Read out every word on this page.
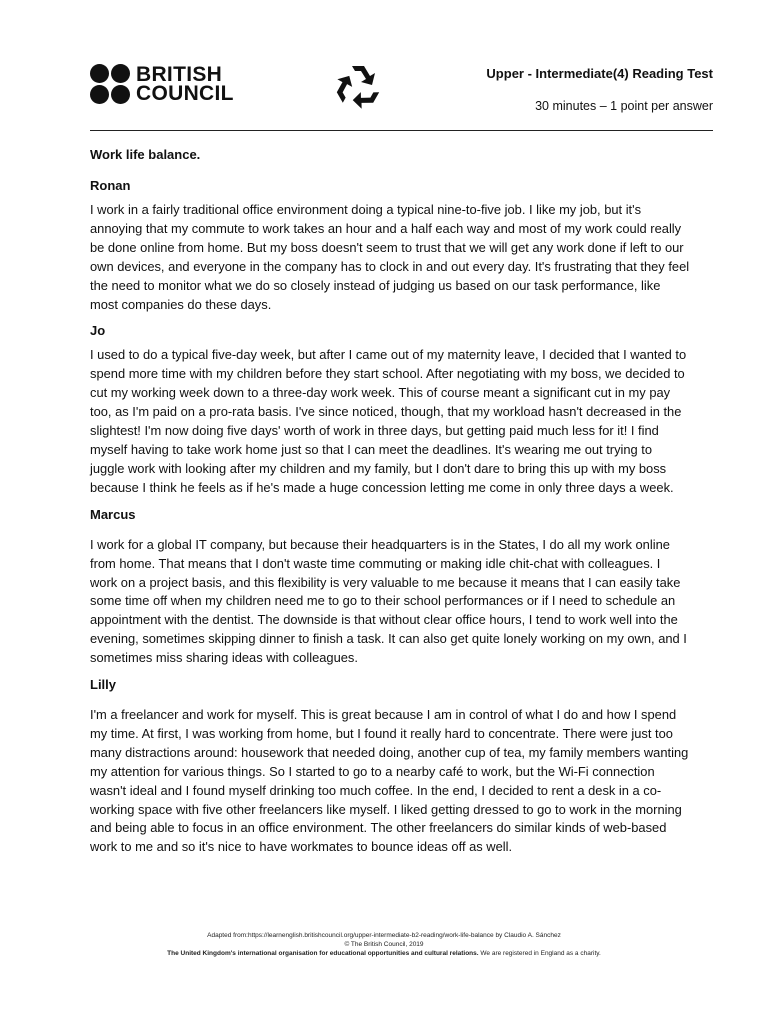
BRITISH
COUNCIL
Upper - Intermediate(4) Reading Test
30 minutes – 1 point per answer
Work life balance.
Ronan

I work in a fairly traditional office environment doing a typical nine-to-five job. I like my job, but it's annoying that my commute to work takes an hour and a half each way and most of my work could really be done online from home. But my boss doesn't seem to trust that we will get any work done if left to our own devices, and everyone in the company has to clock in and out every day. It's frustrating that they feel the need to monitor what we do so closely instead of judging us based on our task performance, like most companies do these days.

Jo

I used to do a typical five-day week, but after I came out of my maternity leave, I decided that I wanted to spend more time with my children before they start school. After negotiating with my boss, we decided to cut my working week down to a three-day work week. This of course meant a significant cut in my pay too, as I'm paid on a pro-rata basis. I've since noticed, though, that my workload hasn't decreased in the slightest! I'm now doing five days' worth of work in three days, but getting paid much less for it! I find myself having to take work home just so that I can meet the deadlines. It's wearing me out trying to juggle work with looking after my children and my family, but I don't dare to bring this up with my boss because I think he feels as if he's made a huge concession letting me come in only three days a week.

Marcus

I work for a global IT company, but because their headquarters is in the States, I do all my work online from home. That means that I don't waste time commuting or making idle chit-chat with colleagues. I work on a project basis, and this flexibility is very valuable to me because it means that I can easily take some time off when my children need me to go to their school performances or if I need to schedule an appointment with the dentist. The downside is that without clear office hours, I tend to work well into the evening, sometimes skipping dinner to finish a task. It can also get quite lonely working on my own, and I sometimes miss sharing ideas with colleagues.

Lilly

I'm a freelancer and work for myself. This is great because I am in control of what I do and how I spend my time. At first, I was working from home, but I found it really hard to concentrate. There were just too many distractions around: housework that needed doing, another cup of tea, my family members wanting my attention for various things. So I started to go to a nearby café to work, but the Wi-Fi connection wasn't ideal and I found myself drinking too much coffee. In the end, I decided to rent a desk in a co-working space with five other freelancers like myself. I liked getting dressed to go to work in the morning and being able to focus in an office environment. The other freelancers do similar kinds of web-based work to me and so it's nice to have workmates to bounce ideas off as well.

Adapted from:https://learnenglish.britishcouncil.org/upper-intermediate-b2-reading/work-life-balance by Claudio A. Sánchez
© The British Council, 2019
The United Kingdom's international organisation for educational opportunities and cultural relations. We are registered in England as a charity.
